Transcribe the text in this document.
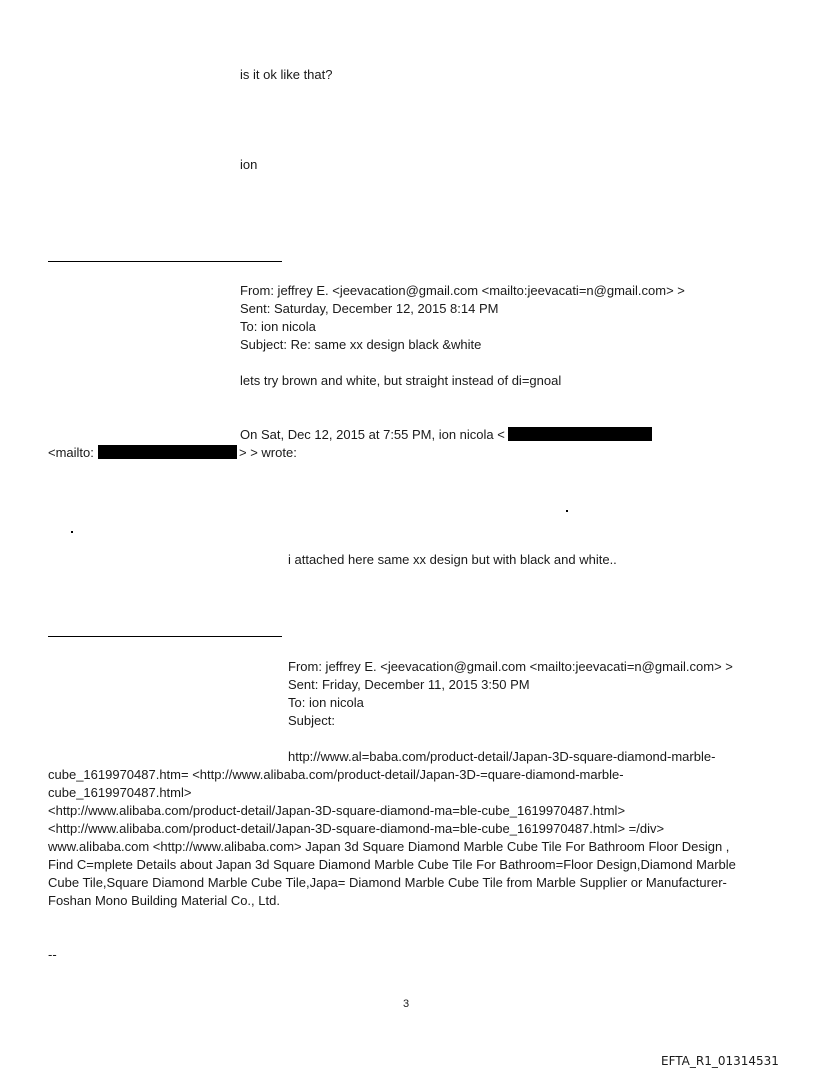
is it ok like that?
ion
From: jeffrey E. <jeevacation@gmail.com <mailto:jeevacati=n@gmail.com> >
Sent: Saturday, December 12, 2015 8:14 PM
To: ion nicola
Subject: Re: same xx design black &white
lets try brown and white, but straight instead of di=gnoal
On Sat, Dec 12, 2015 at 7:55 PM, ion nicola <
<mailto:	> > wrote:
i attached here same xx design but with black and white..
From: jeffrey E. <jeevacation@gmail.com <mailto:jeevacati=n@gmail.com> >
Sent: Friday, December 11, 2015 3:50 PM
To: ion nicola
Subject:
http://www.al=baba.com/product-detail/Japan-3D-square-diamond-marble-
cube_1619970487.htm= <http://www.alibaba.com/product-detail/Japan-3D-=quare-diamond-marble-
cube_1619970487.html>
<http://www.alibaba.com/product-detail/Japan-3D-square-diamond-ma=ble-cube_1619970487.html>
<http://www.alibaba.com/product-detail/Japan-3D-square-diamond-ma=ble-cube_1619970487.html> =/div>
www.alibaba.com <http://www.alibaba.com> Japan 3d Square Diamond Marble Cube Tile For Bathroom Floor Design ,
Find C=mplete Details about Japan 3d Square Diamond Marble Cube Tile For Bathroom=Floor Design,Diamond Marble
Cube Tile,Square Diamond Marble Cube Tile,Japa= Diamond Marble Cube Tile from Marble Supplier or Manufacturer-
Foshan Mono Building Material Co., Ltd.
--
3
EFTA_R1_01314531
